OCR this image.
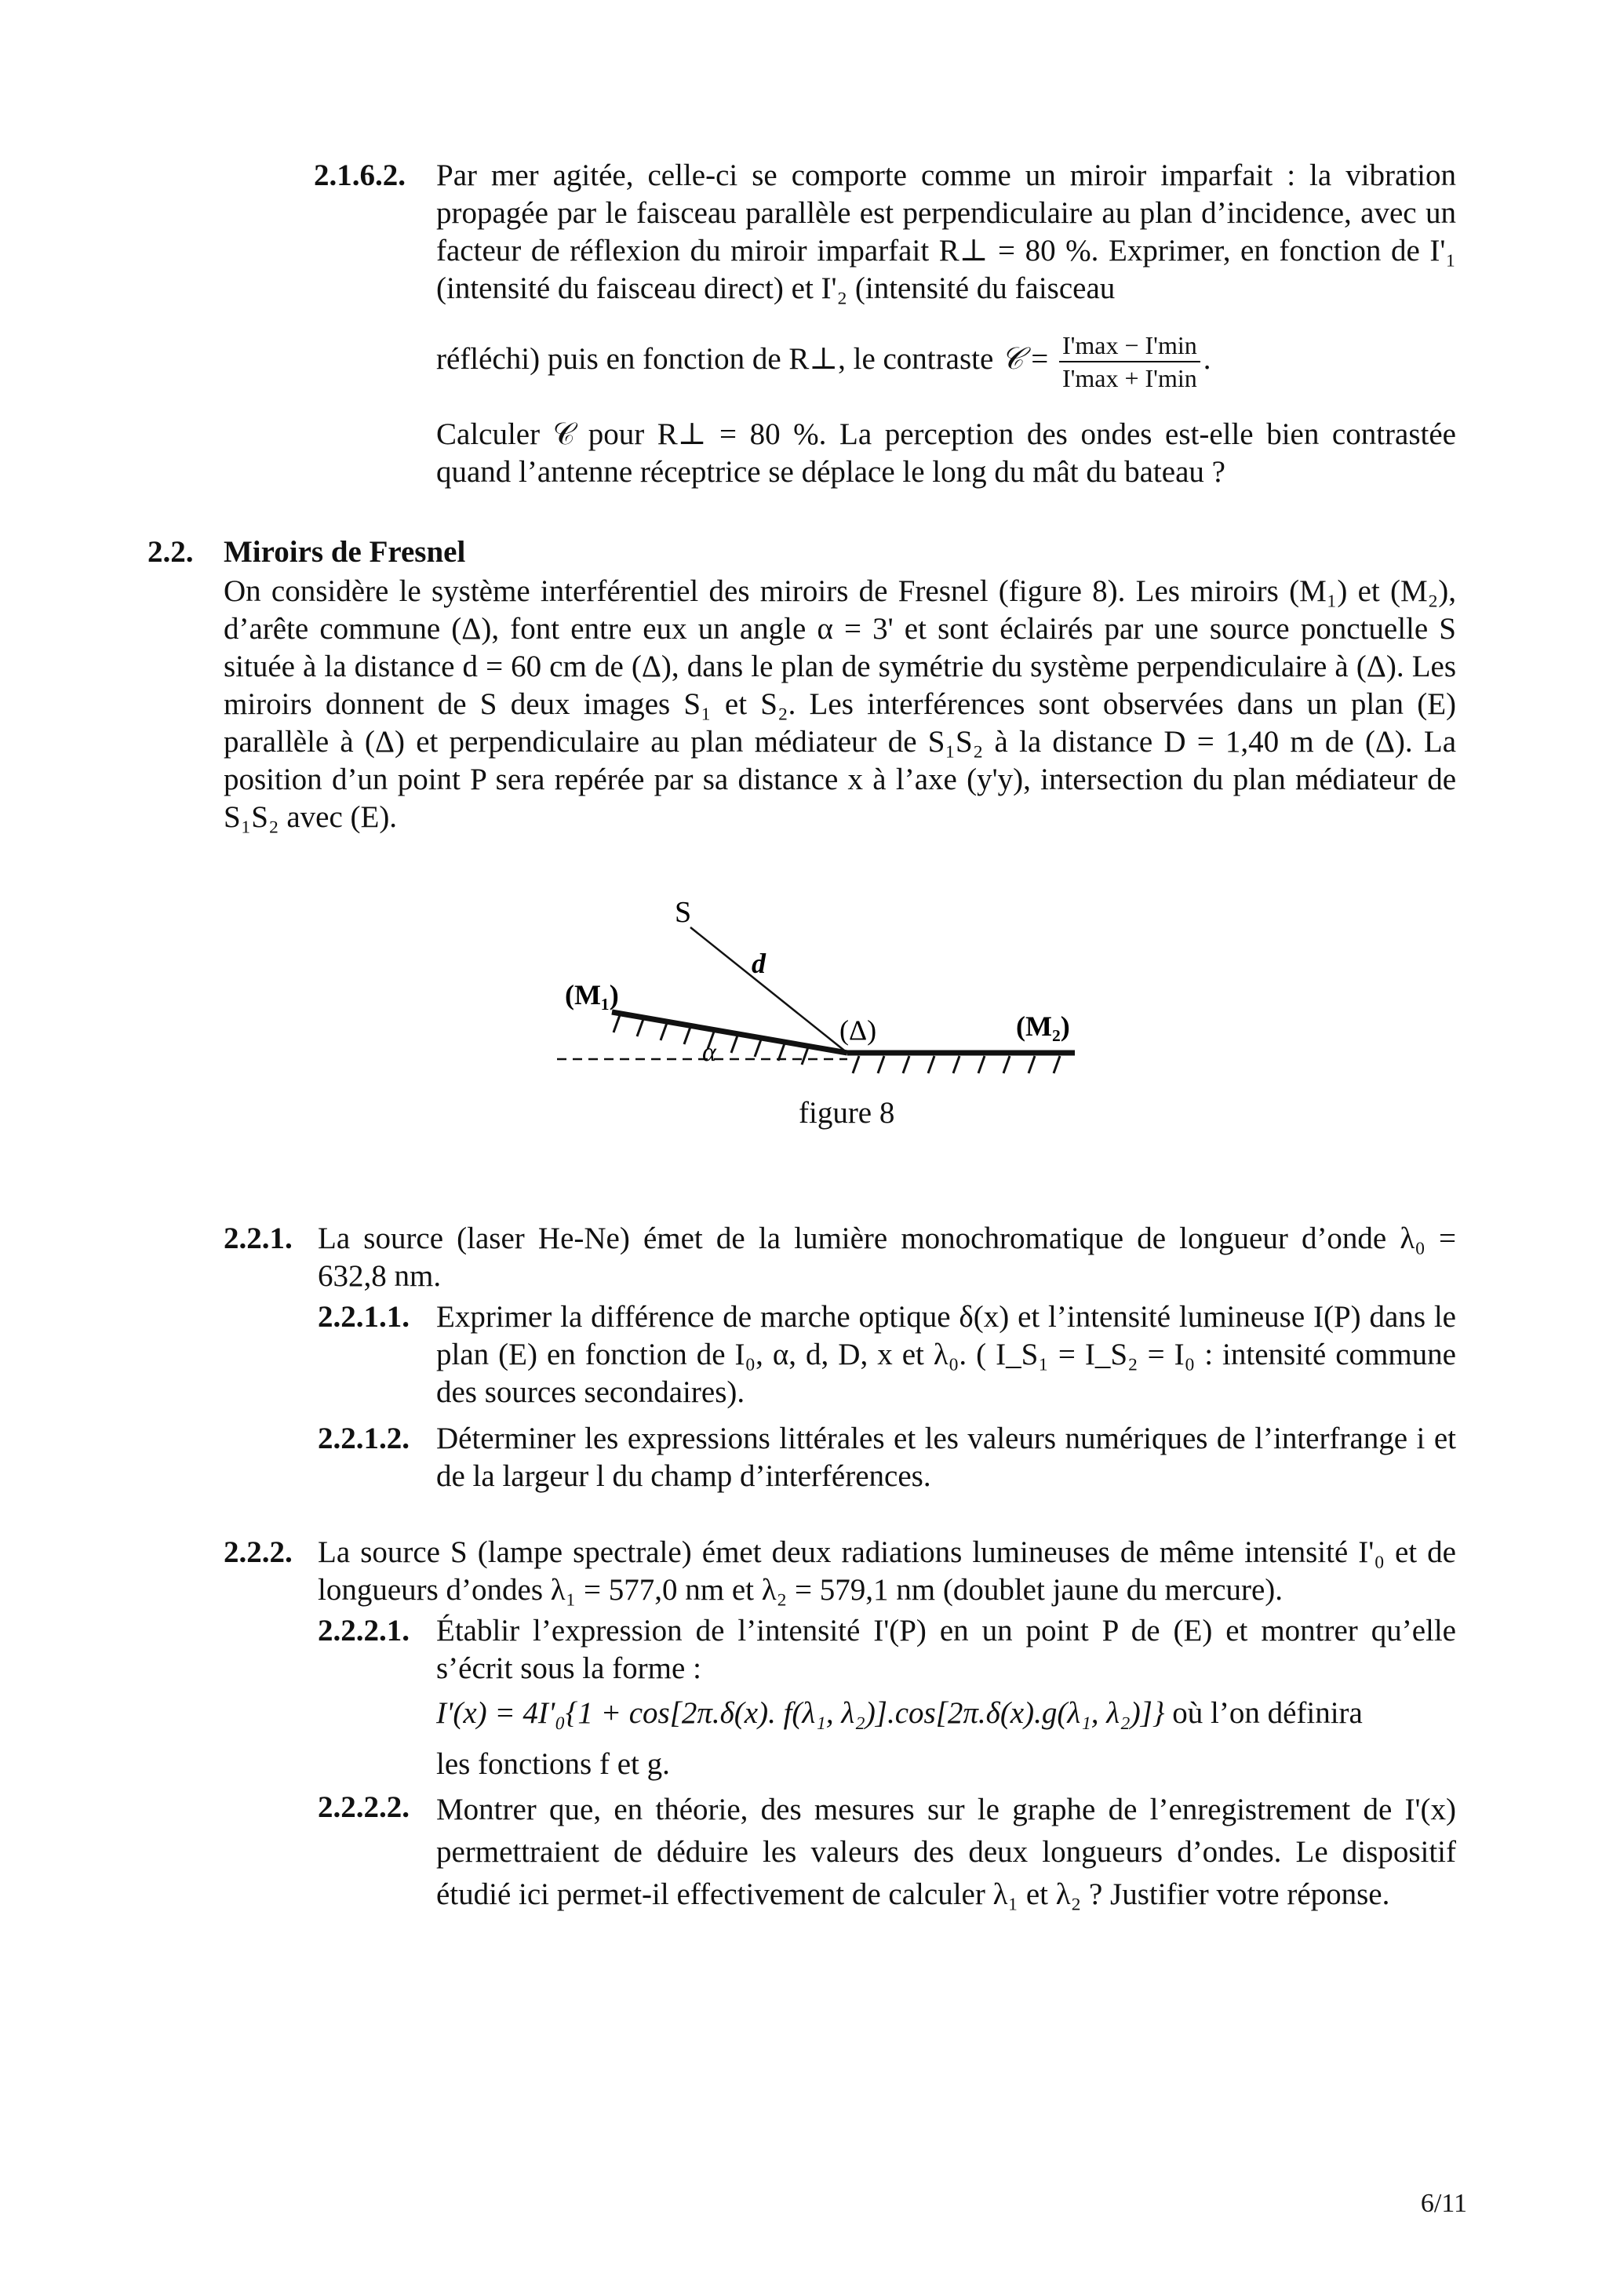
2.1.6.2. Par mer agitée, celle-ci se comporte comme un miroir imparfait : la vibration propagée par le faisceau parallèle est perpendiculaire au plan d’incidence, avec un facteur de réflexion du miroir imparfait R⊥ = 80 %. Exprimer, en fonction de I'₁ (intensité du faisceau direct) et I'₂ (intensité du faisceau
réfléchi) puis en fonction de R⊥, le contraste 𝒞 = $\frac{I'\max - I'\min}{I'\max + I'\min}$ .
Calculer 𝒞 pour R⊥ = 80 %. La perception des ondes est-elle bien contrastée quand l’antenne réceptrice se déplace le long du mât du bateau ?
2.2. Miroirs de Fresnel
On considère le système interférentiel des miroirs de Fresnel (figure 8). Les miroirs (M₁) et (M₂), d’arête commune (Δ), font entre eux un angle α = 3' et sont éclairés par une source ponctuelle S située à la distance d = 60 cm de (Δ), dans le plan de symétrie du système perpendiculaire à (Δ). Les miroirs donnent de S deux images S₁ et S₂. Les interférences sont observées dans un plan (E) parallèle à (Δ) et perpendiculaire au plan médiateur de S₁S₂ à la distance D = 1,40 m de (Δ). La position d’un point P sera repérée par sa distance x à l’axe (y'y), intersection du plan médiateur de S₁S₂ avec (E).
S
d
(M₁)
(M₂)
(Δ)
α
figure 8
2.2.1. La source (laser He-Ne) émet de la lumière monochromatique de longueur d’onde λ₀ = 632,8 nm.
2.2.1.1. Exprimer la différence de marche optique δ(x) et l’intensité lumineuse I(P) dans le plan (E) en fonction de I₀, α, d, D, x et λ₀. ( I_S₁ = I_S₂ = I₀ : intensité commune des sources secondaires).
2.2.1.2. Déterminer les expressions littérales et les valeurs numériques de l’interfrange i et de la largeur l du champ d’interférences.
2.2.2. La source S (lampe spectrale) émet deux radiations lumineuses de même intensité I'₀ et de longueurs d’ondes λ₁ = 577,0 nm et λ₂ = 579,1 nm (doublet jaune du mercure).
2.2.2.1. Établir l’expression de l’intensité I'(P) en un point P de (E) et montrer qu’elle s’écrit sous la forme :
I'(x) = 4I'₀{1 + cos[2π.δ(x). f(λ₁, λ₂)].cos[2π.δ(x).g(λ₁, λ₂)]} où l’on définira
les fonctions f et g.
2.2.2.2. Montrer que, en théorie, des mesures sur le graphe de l’enregistrement de I'(x) permettraient de déduire les valeurs des deux longueurs d’ondes. Le dispositif étudié ici permet-il effectivement de calculer λ₁ et λ₂ ? Justifier votre réponse.
6/11
